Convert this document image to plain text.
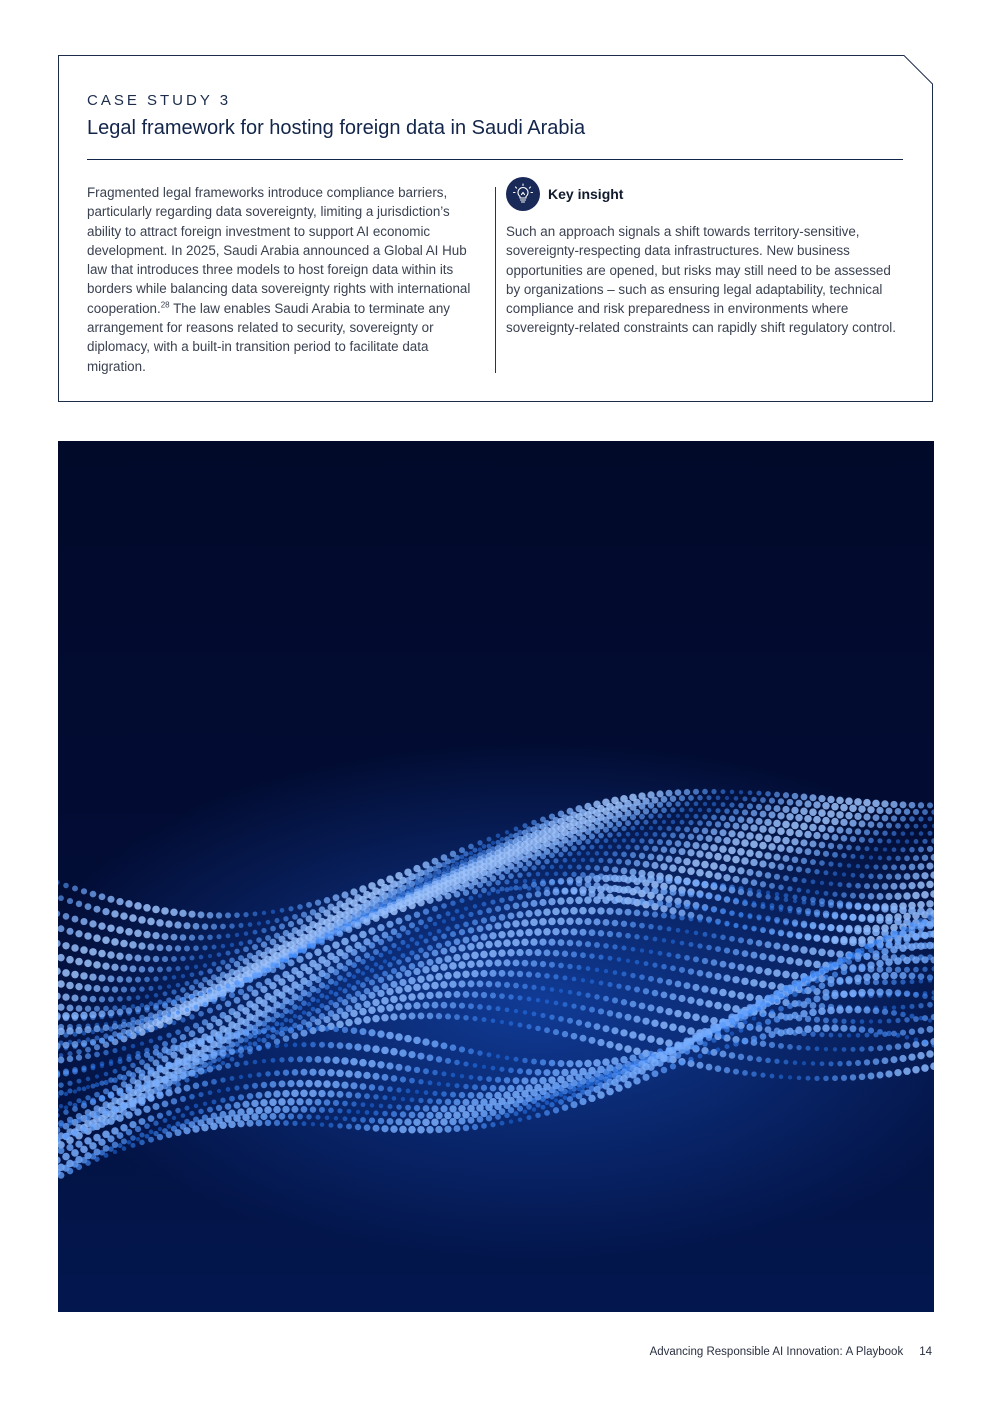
CASE STUDY 3
Legal framework for hosting foreign data in Saudi Arabia

Fragmented legal frameworks introduce compliance barriers, particularly regarding data sovereignty, limiting a jurisdiction’s ability to attract foreign investment to support AI economic development. In 2025, Saudi Arabia announced a Global AI Hub law that introduces three models to host foreign data within its borders while balancing data sovereignty rights with international cooperation.$^{28}$ The law enables Saudi Arabia to terminate any arrangement for reasons related to security, sovereignty or diplomacy, with a built-in transition period to facilitate data migration.

Key insight

Such an approach signals a shift towards territory-sensitive, sovereignty-respecting data infrastructures. New business opportunities are opened, but risks may still need to be assessed by organizations – such as ensuring legal adaptability, technical compliance and risk preparedness in environments where sovereignty-related constraints can rapidly shift regulatory control.

Advancing Responsible AI Innovation: A Playbook 14
